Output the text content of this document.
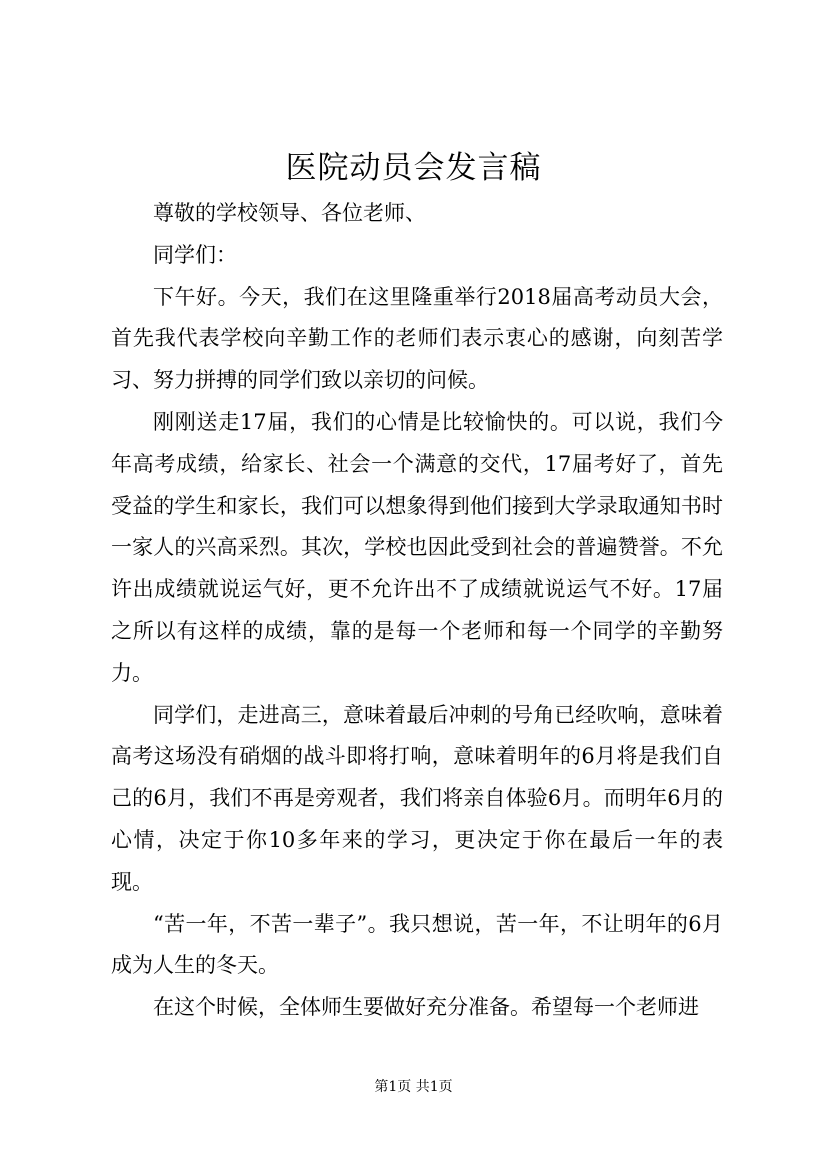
医院动员会发言稿

尊敬的学校领导、各位老师、

同学们：

下午好。今天，我们在这里隆重举行2018届高考动员大会，首先我代表学校向辛勤工作的老师们表示衷心的感谢，向刻苦学习、努力拼搏的同学们致以亲切的问候。

刚刚送走17届，我们的心情是比较愉快的。可以说，我们今年高考成绩，给家长、社会一个满意的交代，17届考好了，首先受益的学生和家长，我们可以想象得到他们接到大学录取通知书时一家人的兴高采烈。其次，学校也因此受到社会的普遍赞誉。不允许出成绩就说运气好，更不允许出不了成绩就说运气不好。17届之所以有这样的成绩，靠的是每一个老师和每一个同学的辛勤努力。

同学们，走进高三，意味着最后冲刺的号角已经吹响，意味着高考这场没有硝烟的战斗即将打响，意味着明年的6月将是我们自己的6月，我们不再是旁观者，我们将亲自体验6月。而明年6月的心情，决定于你10多年来的学习，更决定于你在最后一年的表现。

“苦一年，不苦一辈子”。我只想说，苦一年，不让明年的6月成为人生的冬天。

在这个时候，全体师生要做好充分准备。希望每一个老师进

第1页 共1页
